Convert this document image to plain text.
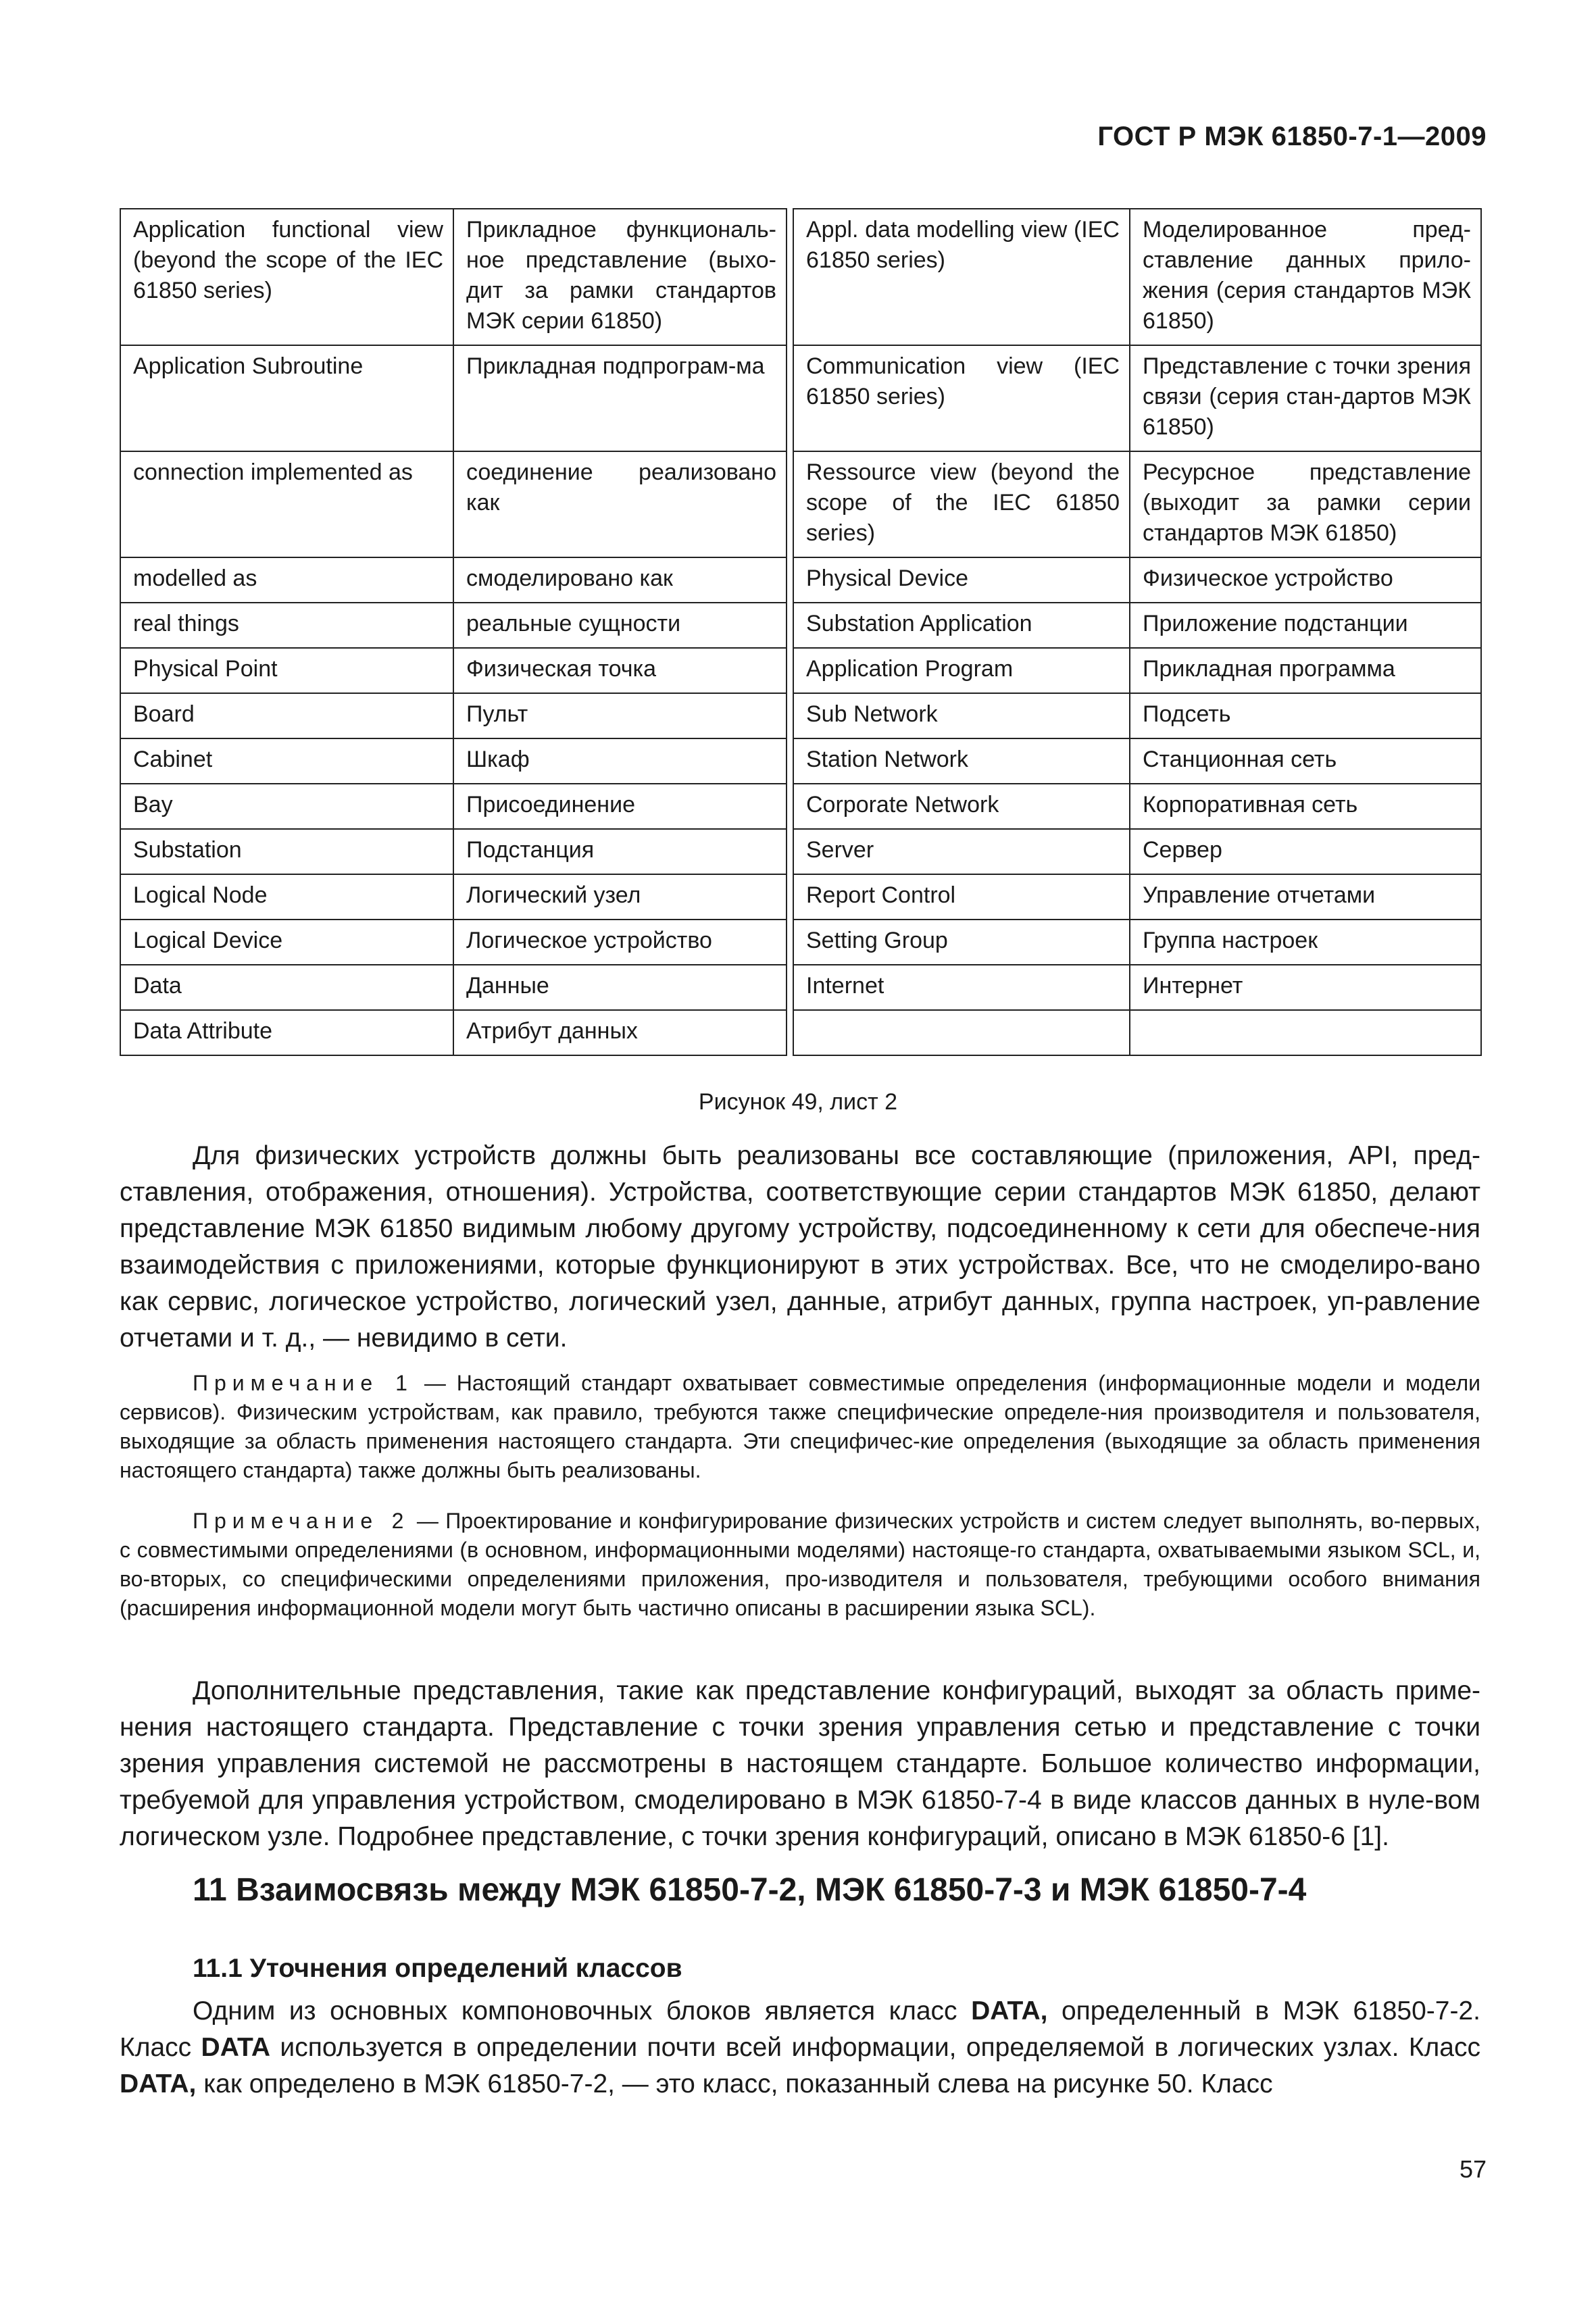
ГОСТ Р МЭК 61850-7-1—2009
Application functional view (beyond the scope of the IEC 61850 series)	Прикладное функциональ-ное представление (выхо-дит за рамки стандартов МЭК серии 61850)		Appl. data modelling view (IEC 61850 series)	Моделированное пред-ставление данных прило-жения (серия стандартов МЭК 61850)
Application Subroutine	Прикладная подпрограм-ма		Communication view (IEC 61850 series)	Представление с точки зрения связи (серия стан-дартов МЭК 61850)
connection implemented as	соединение реализовано как		Ressource view (beyond the scope of the IEC 61850 series)	Ресурсное представление (выходит за рамки серии стандартов МЭК 61850)
modelled as	смоделировано как		Physical Device	Физическое устройство
real things	реальные сущности		Substation Application	Приложение подстанции
Physical Point	Физическая точка		Application Program	Прикладная программа
Board	Пульт		Sub Network	Подсеть
Cabinet	Шкаф		Station Network	Станционная сеть
Bay	Присоединение		Corporate Network	Корпоративная сеть
Substation	Подстанция		Server	Сервер
Logical Node	Логический узел		Report Control	Управление отчетами
Logical Device	Логическое устройство		Setting Group	Группа настроек
Data	Данные		Internet	Интернет
Data Attribute	Атрибут данных			
Рисунок 49, лист 2
Для физических устройств должны быть реализованы все составляющие (приложения, API, пред-ставления, отображения, отношения). Устройства, соответствующие серии стандартов МЭК 61850, делают представление МЭК 61850 видимым любому другому устройству, подсоединенному к сети для обеспече-ния взаимодействия с приложениями, которые функционируют в этих устройствах. Все, что не смоделиро-вано как сервис, логическое устройство, логический узел, данные, атрибут данных, группа настроек, уп-равление отчетами и т. д., — невидимо в сети.
Примечание 1 — Настоящий стандарт охватывает совместимые определения (информационные модели и модели сервисов). Физическим устройствам, как правило, требуются также специфические определе-ния производителя и пользователя, выходящие за область применения настоящего стандарта. Эти специфичес-кие определения (выходящие за область применения настоящего стандарта) также должны быть реализованы.
Примечание 2 — Проектирование и конфигурирование физических устройств и систем следует выполнять, во-первых, с совместимыми определениями (в основном, информационными моделями) настояще-го стандарта, охватываемыми языком SCL, и, во-вторых, со специфическими определениями приложения, про-изводителя и пользователя, требующими особого внимания (расширения информационной модели могут быть частично описаны в расширении языка SCL).
Дополнительные представления, такие как представление конфигураций, выходят за область приме-нения настоящего стандарта. Представление с точки зрения управления сетью и представление с точки зрения управления системой не рассмотрены в настоящем стандарте. Большое количество информации, требуемой для управления устройством, смоделировано в МЭК 61850-7-4 в виде классов данных в нуле-вом логическом узле. Подробнее представление, с точки зрения конфигураций, описано в МЭК 61850-6 [1].
11 Взаимосвязь между МЭК 61850-7-2, МЭК 61850-7-3 и МЭК 61850-7-4
11.1 Уточнения определений классов
Одним из основных компоновочных блоков является класс DATA, определенный в МЭК 61850-7-2. Класс DATA используется в определении почти всей информации, определяемой в логических узлах. Класс DATA, как определено в МЭК 61850-7-2, — это класс, показанный слева на рисунке 50. Класс
57
